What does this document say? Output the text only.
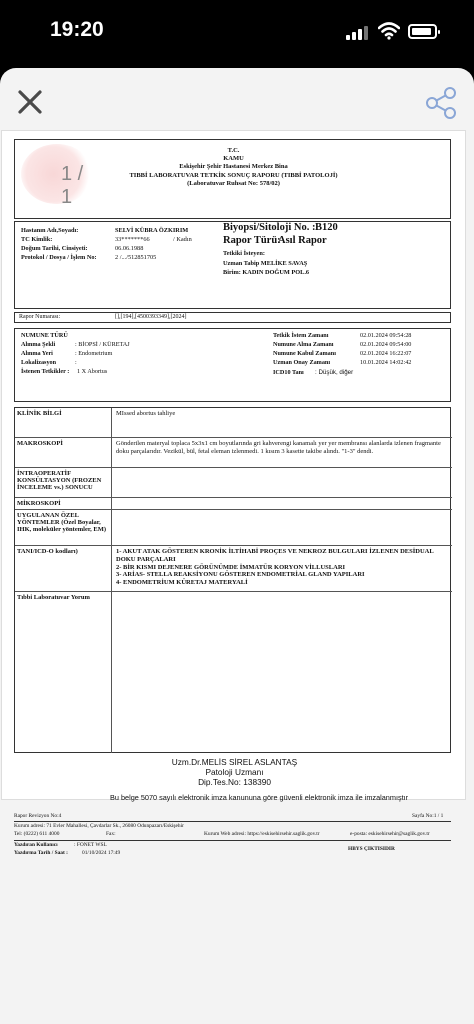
19:20
1 / 1
T.C.
KAMU
Eskişehir Şehir Hastanesi Merkez Bina
TIBBİ LABORATUVAR TETKİK SONUÇ RAPORU (TIBBİ PATOLOJİ)
(Laboratuvar Ruhsat No: 578/02)
Hastanın Adı,Soyadı:	SELVİ KÜBRA ÖZKIRIM
TC Kimlik:	33*******66	/ Kadın
Doğum Tarihi, Cinsiyeti:	06.06.1988
Protokol / Dosya / İşlem No:	2 /.../512851705
Biyopsi/Sitoloji No. : B120
Rapor Türü:
Asıl Rapor
Tetkiki İsteyen:
Uzman Tabip MELİKE SAVAŞ
Birim: KADIN DOĞUM POL.6
Rapor Numarası:	[],[194],[4500393349],[2024]
NUMUNE TÜRÜ
Alınma Şekli	: BİOPSİ / KÜRETAJ
Alınma Yeri	: Endometrium
Lokalizasyon	:
İstenen Tetkikler : 1 X Abortus
Tetkik İstem Zamanı	02.01.2024 09:54:28
Numune Alma Zamanı	02.01.2024 09:54:00
Numune Kabul Zamanı	02.01.2024 16:22:07
Uzman Onay Zamanı	10.01.2024 14:02:42
ICD10 Tanı : Düşük, diğer
KLİNİK BİLGİ	MIssed abortus tahliye
MAKROSKOPİ	Gönderilen materyal toplaca 5x3x1 cm boyutlarında gri kahverengi kanamalı yer yer membransı alanlarda izlenen fragmante doku parçalarıdır. Vezikül, bül, fetal eleman izlenmedi. 1 kısım 3 kasette takibe alındı. "1-3" dendi.
İNTRAOPERATİF KONSÜLTASYON (FROZEN İNCELEME vs.) SONUCU
MİKROSKOPİ
UYGULANAN ÖZEL YÖNTEMLER (Özel Boyalar, IHK, moleküler yöntemler, EM)
TANI/ICD-O kodları)	1- AKUT ATAK GÖSTEREN KRONİK İLTİHABİ PROÇES VE NEKROZ BULGULARI İZLENEN DESİDUAL DOKU PARÇALARI
2- BİR KISMI DEJENERE GÖRÜNÜMDE İMMATÜR KORYON VİLLUSLARI
3- ARİAS- STELLA REAKSİYONU GÖSTEREN ENDOMETRİAL GLAND YAPILARI
4- ENDOMETRİUM KÜRETAJ MATERYALİ
Tıbbi Laboratuvar Yorum
Uzm.Dr.MELİS SİREL ASLANTAŞ
Patoloji Uzmanı
Dip.Tes.No: 138390
Bu belge 5070 sayılı elektronik imza kanununa göre güvenli elektronik imza ile imzalanmıştır
Rapor Revizyon No:4	Sayfa No:1 / 1
Kurum adresi: 71 Evler Mahallesi, Çavdarlar Sk., 26080 Odunpazarı/Eskişehir
Tel: (0222) 611 4000	Fax:	Kurum Web adresi: https://eskisehirsehir.saglik.gov.tr	e-posta: eskisehirsehir@saglik.gov.tr
Yazdıran Kullanıcı	: FONET WSL
Yazdırma Tarih / Saat :	01/10/2024 17:49
HBYS ÇIKTISIDIR
